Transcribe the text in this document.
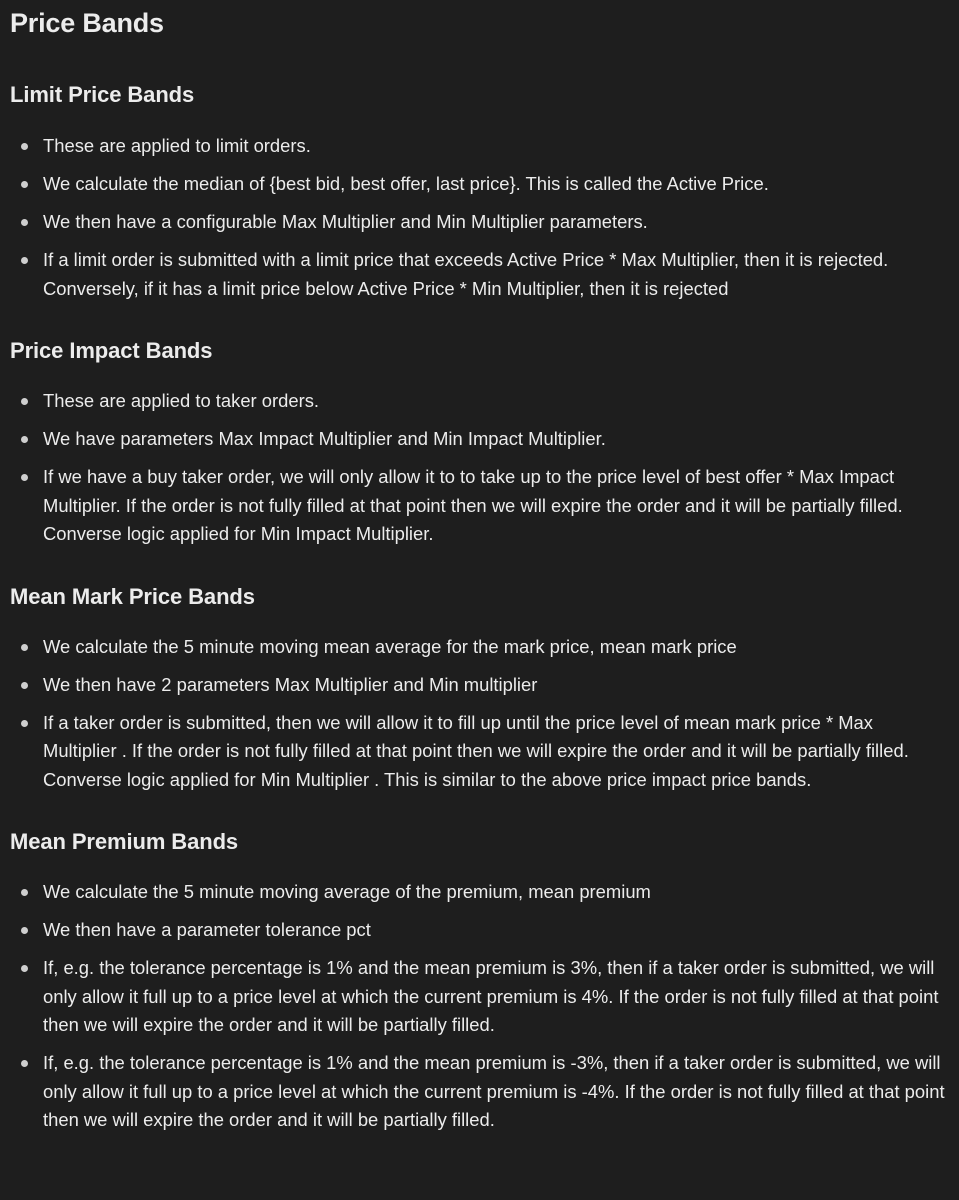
Price Bands
Limit Price Bands
These are applied to limit orders.
We calculate the median of {best bid, best offer, last price}. This is called the Active Price.
We then have a configurable Max Multiplier and Min Multiplier parameters.
If a limit order is submitted with a limit price that exceeds Active Price * Max Multiplier, then it is rejected. Conversely, if it has a limit price below Active Price * Min Multiplier, then it is rejected
Price Impact Bands
These are applied to taker orders.
We have parameters Max Impact Multiplier and Min Impact Multiplier.
If we have a buy taker order, we will only allow it to to take up to the price level of best offer * Max Impact Multiplier. If the order is not fully filled at that point then we will expire the order and it will be partially filled. Converse logic applied for Min Impact Multiplier.
Mean Mark Price Bands
We calculate the 5 minute moving mean average for the mark price, mean mark price
We then have 2 parameters Max Multiplier and Min multiplier
If a taker order is submitted, then we will allow it to fill up until the price level of mean mark price * Max Multiplier . If the order is not fully filled at that point then we will expire the order and it will be partially filled. Converse logic applied for Min Multiplier . This is similar to the above price impact price bands.
Mean Premium Bands
We calculate the 5 minute moving average of the premium, mean premium
We then have a parameter tolerance pct
If, e.g. the tolerance percentage is 1% and the mean premium is 3%, then if a taker order is submitted, we will only allow it full up to a price level at which the current premium is 4%. If the order is not fully filled at that point then we will expire the order and it will be partially filled.
If, e.g. the tolerance percentage is 1% and the mean premium is -3%, then if a taker order is submitted, we will only allow it full up to a price level at which the current premium is -4%. If the order is not fully filled at that point then we will expire the order and it will be partially filled.
